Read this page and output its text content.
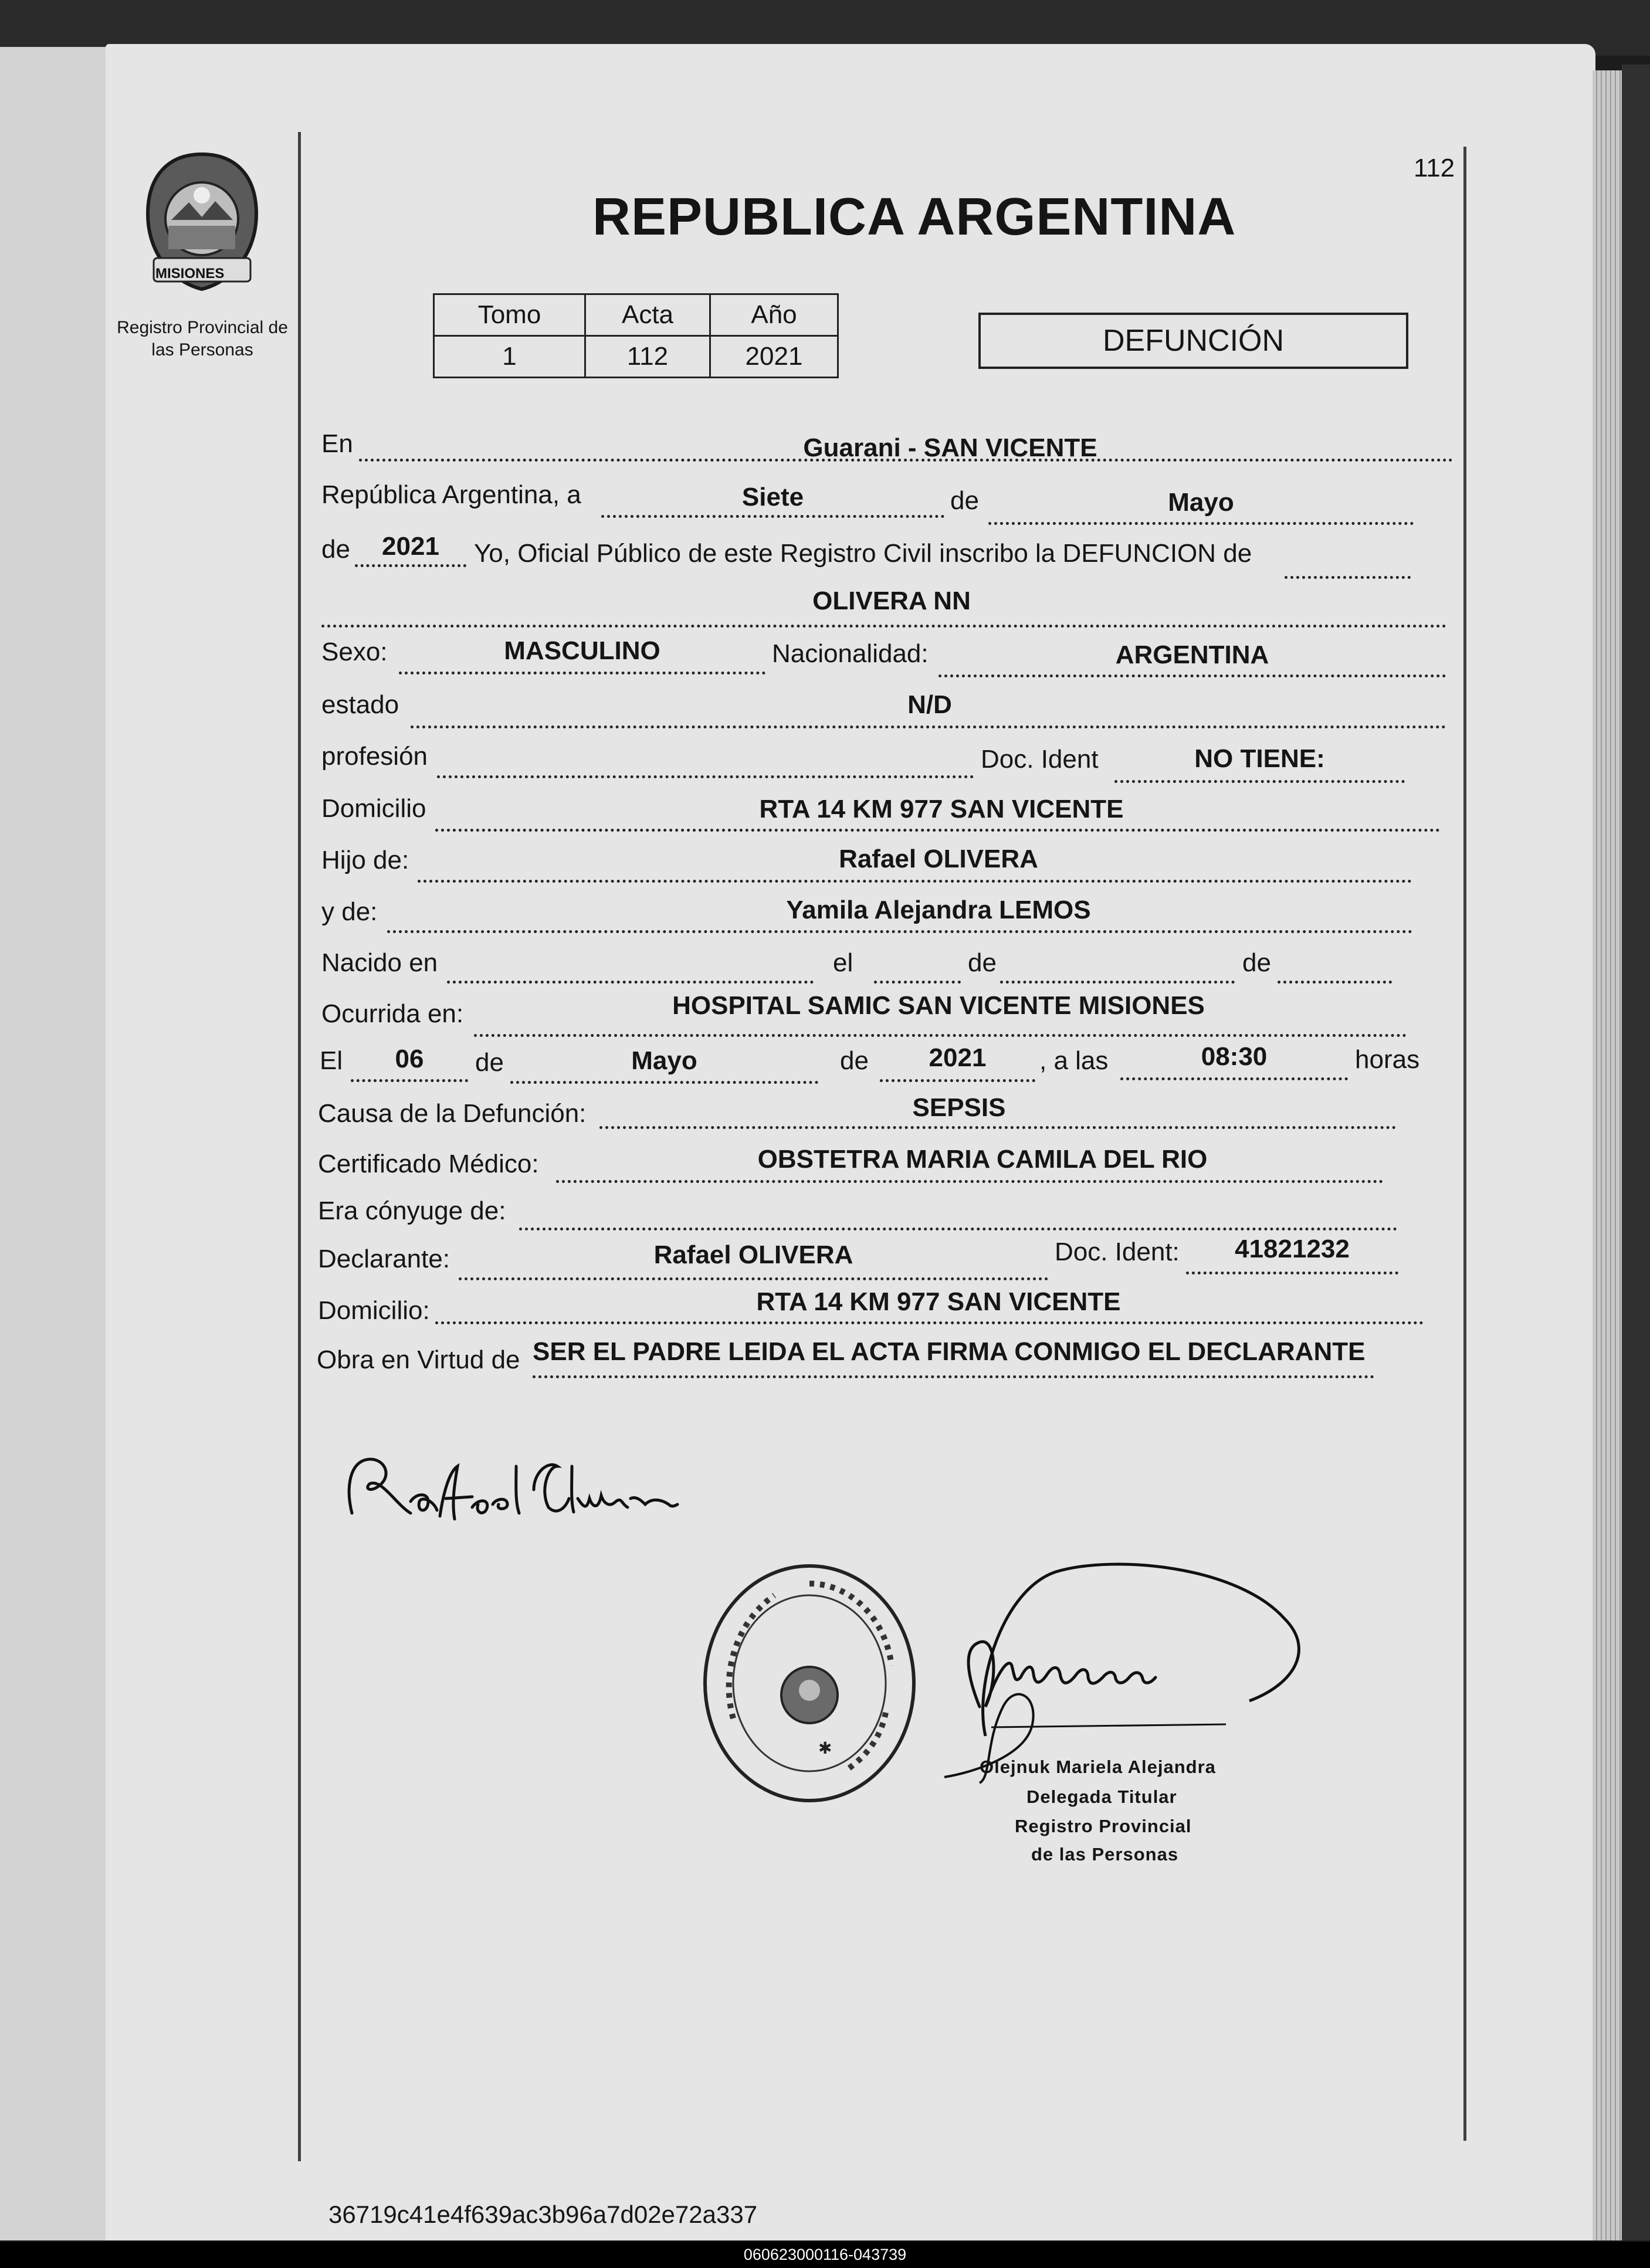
112
MISIONES
Registro Provincial de las Personas
REPUBLICA ARGENTINA
Tomo	Acta	Año
1	112	2021	DEFUNCIÓN
En	Guarani - SAN VICENTE
República Argentina, a	Siete	de	Mayo
de	2021	Yo, Oficial Público de este Registro Civil inscribo la DEFUNCION de
OLIVERA NN
Sexo:	MASCULINO	Nacionalidad:	ARGENTINA
estado	N/D
profesión	Doc. Ident	NO TIENE:
Domicilio	RTA 14 KM 977 SAN VICENTE
Hijo de:	Rafael OLIVERA
y de:	Yamila Alejandra LEMOS
Nacido en	el	de	de
Ocurrida en:	HOSPITAL SAMIC SAN VICENTE MISIONES
El	06	de	Mayo	de	2021	, a las	08:30	horas
Causa de la Defunción:	SEPSIS
Certificado Médico:	OBSTETRA MARIA CAMILA DEL RIO
Era cónyuge de:
Declarante:	Rafael OLIVERA	Doc. Ident:	41821232
Domicilio:	RTA 14 KM 977 SAN VICENTE
Obra en Virtud de SER EL PADRE LEIDA EL ACTA FIRMA CONMIGO EL DECLARANTE
✱
Olejnuk Mariela Alejandra
Delegada Titular
Registro Provincial
de las Personas
36719c41e4f639ac3b96a7d02e72a337
060623000116-043739
